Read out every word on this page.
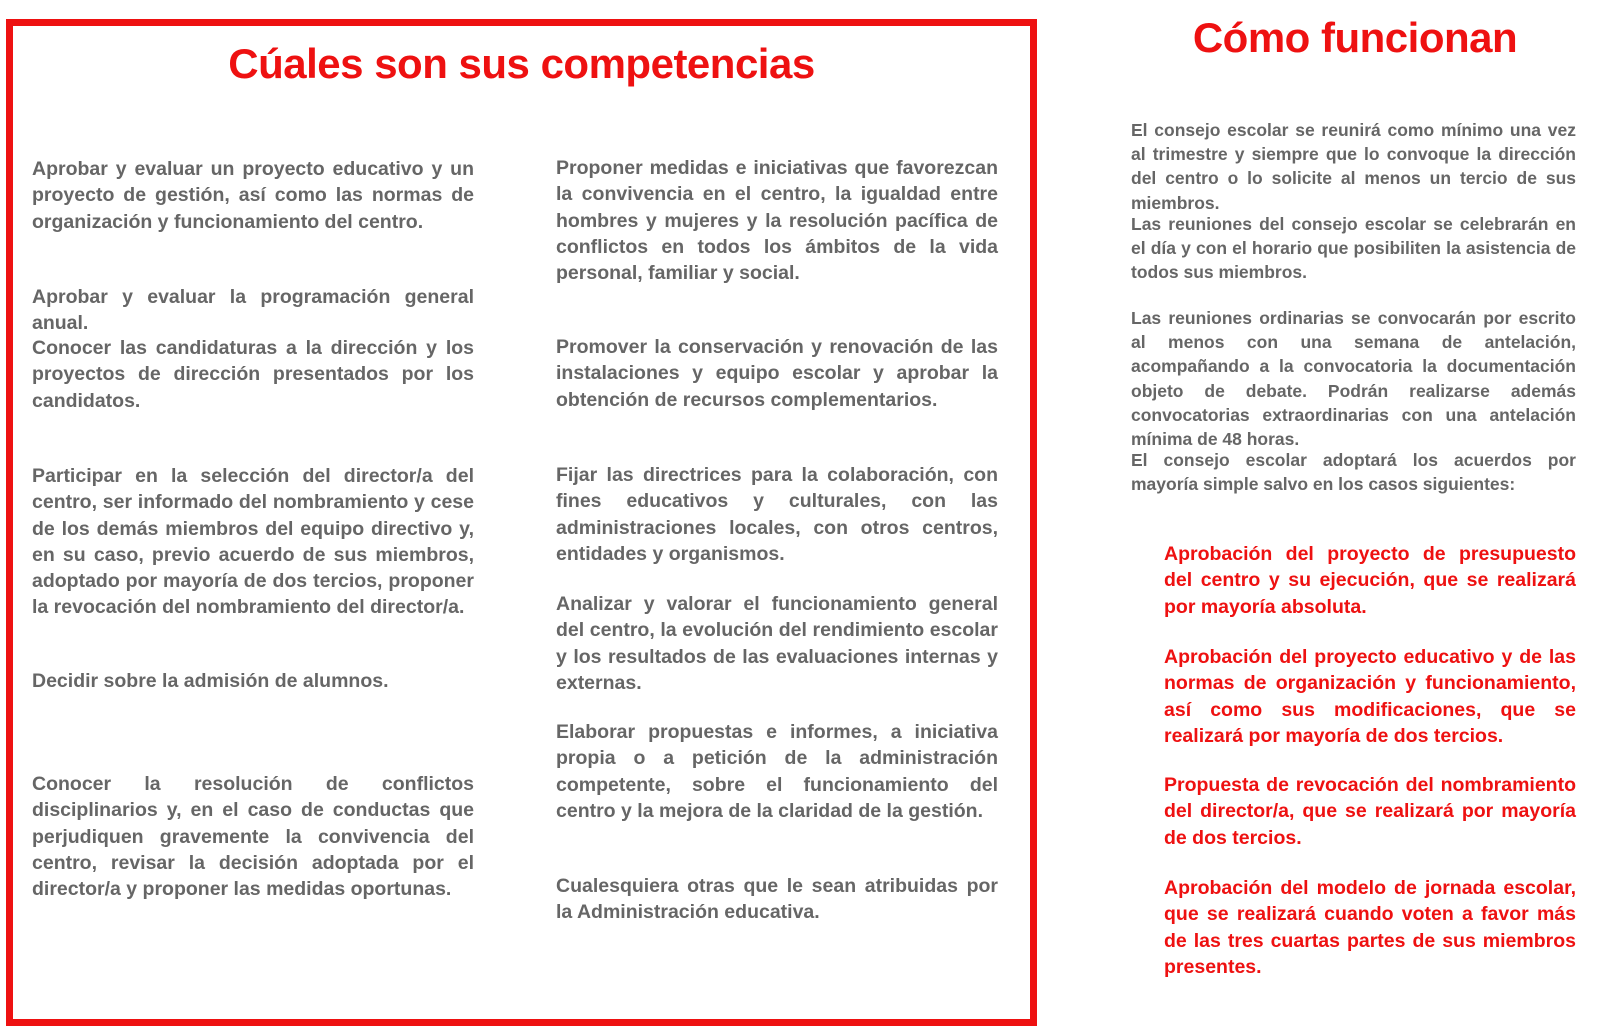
Cúales son sus competencias

Aprobar y evaluar un proyecto educativo y un proyecto de gestión, así como las normas de organización y funcionamiento del centro.

Aprobar y evaluar la programación general anual.

Conocer las candidaturas a la dirección y los proyectos de dirección presentados por los candidatos.

Participar en la selección del director/a del centro, ser informado del nombramiento y cese de los demás miembros del equipo directivo y, en su caso, previo acuerdo de sus miembros, adoptado por mayoría de dos tercios, proponer la revocación del nombramiento del director/a.

Decidir sobre la admisión de alumnos.

Conocer la resolución de conflictos disciplinarios y, en el caso de conductas que perjudiquen gravemente la convivencia del centro, revisar la decisión adoptada por el director/a y proponer las medidas oportunas.

Proponer medidas e iniciativas que favorezcan la convivencia en el centro, la igualdad entre hombres y mujeres y la resolución pacífica de conflictos en todos los ámbitos de la vida personal, familiar y social.

Promover la conservación y renovación de las instalaciones y equipo escolar y aprobar la obtención de recursos complementarios.

Fijar las directrices para la colaboración, con fines educativos y culturales, con las administraciones locales, con otros centros, entidades y organismos.

Analizar y valorar el funcionamiento general del centro, la evolución del rendimiento escolar y los resultados de las evaluaciones internas y externas.

Elaborar propuestas e informes, a iniciativa propia o a petición de la administración competente, sobre el funcionamiento del centro y la mejora de la claridad de la gestión.

Cualesquiera otras que le sean atribuidas por la Administración educativa.

Cómo funcionan

El consejo escolar se reunirá como mínimo una vez al trimestre y siempre que lo convoque la dirección del centro o lo solicite al menos un tercio de sus miembros.

Las reuniones del consejo escolar se celebrarán en el día y con el horario que posibiliten la asistencia de todos sus miembros.

Las reuniones ordinarias se convocarán por escrito al menos con una semana de antelación, acompañando a la convocatoria la documentación objeto de debate. Podrán realizarse además convocatorias extraordinarias con una antelación mínima de 48 horas.

El consejo escolar adoptará los acuerdos por mayoría simple salvo en los casos siguientes:

Aprobación del proyecto de presupuesto del centro y su ejecución, que se realizará por mayoría absoluta.

Aprobación del proyecto educativo y de las normas de organización y funcionamiento, así como sus modificaciones, que se realizará por mayoría de dos tercios.

Propuesta de revocación del nombramiento del director/a, que se realizará por mayoría de dos tercios.

Aprobación del modelo de jornada escolar, que se realizará cuando voten a favor más de las tres cuartas partes de sus miembros presentes.
